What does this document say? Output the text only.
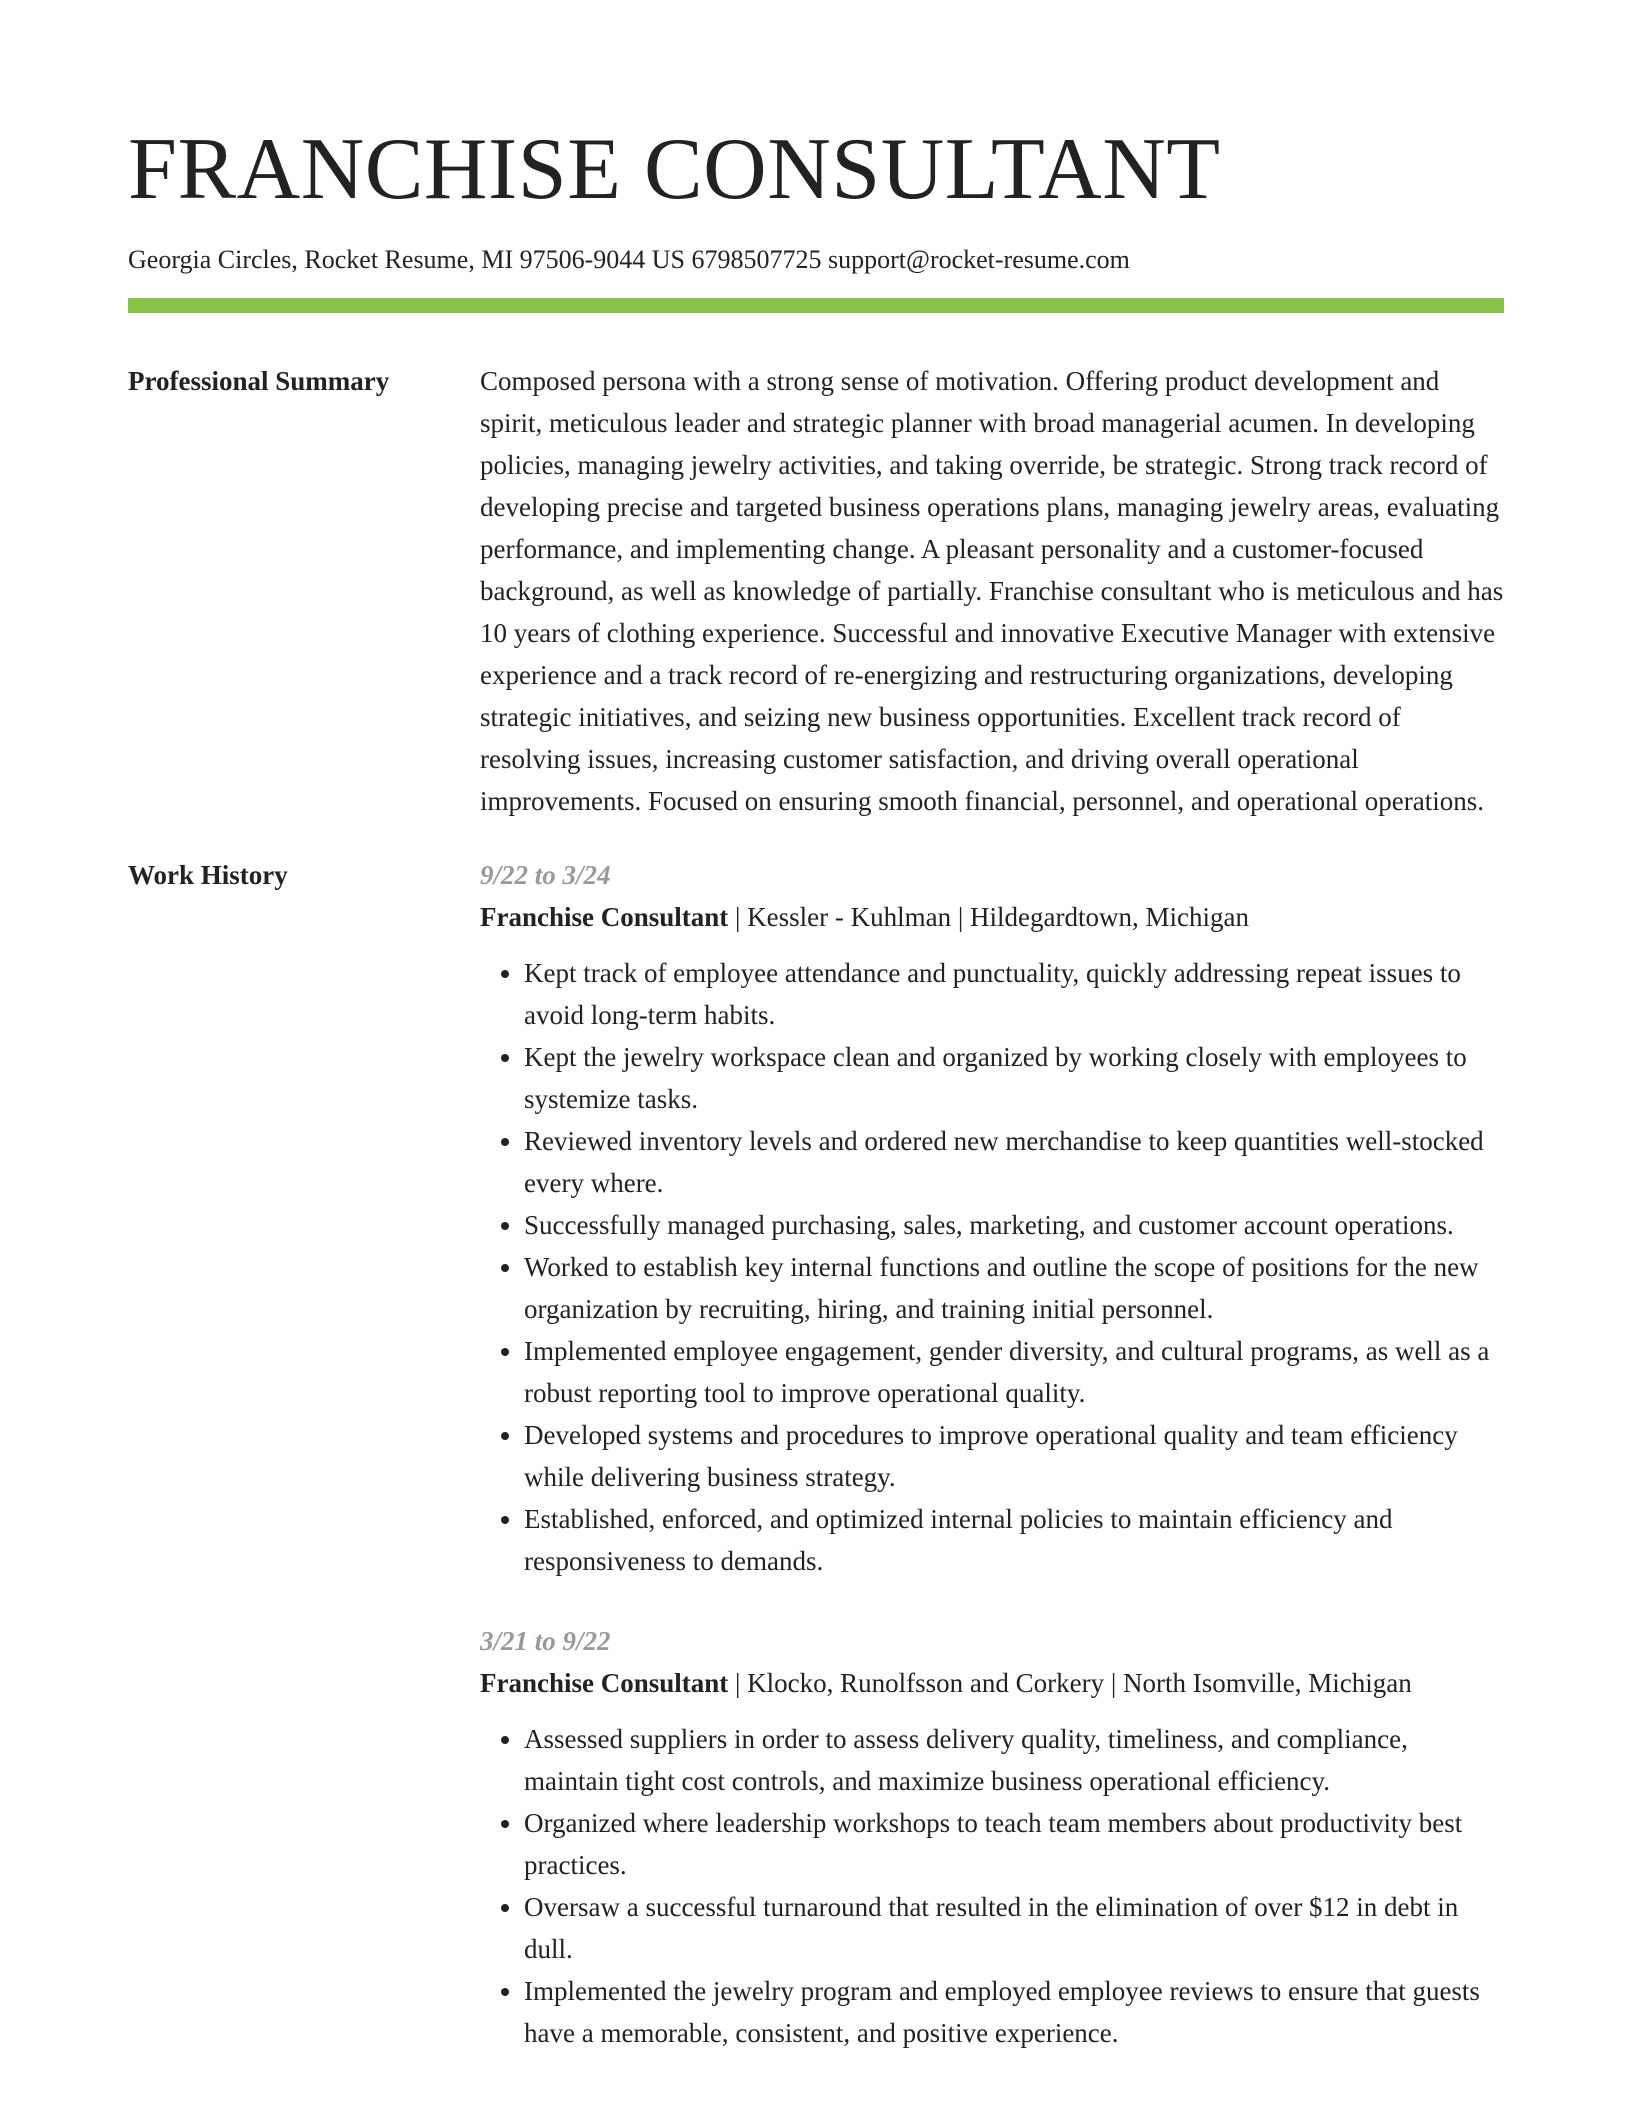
FRANCHISE CONSULTANT
Georgia Circles, Rocket Resume, MI 97506-9044 US 6798507725 support@rocket-resume.com
Professional Summary	Composed persona with a strong sense of motivation. Offering product development and spirit, meticulous leader and strategic planner with broad managerial acumen. In developing policies, managing jewelry activities, and taking override, be strategic. Strong track record of developing precise and targeted business operations plans, managing jewelry areas, evaluating performance, and implementing change. A pleasant personality and a customer-focused background, as well as knowledge of partially. Franchise consultant who is meticulous and has 10 years of clothing experience. Successful and innovative Executive Manager with extensive experience and a track record of re-energizing and restructuring organizations, developing strategic initiatives, and seizing new business opportunities. Excellent track record of resolving issues, increasing customer satisfaction, and driving overall operational improvements. Focused on ensuring smooth financial, personnel, and operational operations.

Work History	9/22 to 3/24
Franchise Consultant | Kessler - Kuhlman | Hildegardtown, Michigan
• Kept track of employee attendance and punctuality, quickly addressing repeat issues to avoid long-term habits.
• Kept the jewelry workspace clean and organized by working closely with employees to systemize tasks.
• Reviewed inventory levels and ordered new merchandise to keep quantities well-stocked every where.
• Successfully managed purchasing, sales, marketing, and customer account operations.
• Worked to establish key internal functions and outline the scope of positions for the new organization by recruiting, hiring, and training initial personnel.
• Implemented employee engagement, gender diversity, and cultural programs, as well as a robust reporting tool to improve operational quality.
• Developed systems and procedures to improve operational quality and team efficiency while delivering business strategy.
• Established, enforced, and optimized internal policies to maintain efficiency and responsiveness to demands.
3/21 to 9/22
Franchise Consultant | Klocko, Runolfsson and Corkery | North Isomville, Michigan
• Assessed suppliers in order to assess delivery quality, timeliness, and compliance, maintain tight cost controls, and maximize business operational efficiency.
• Organized where leadership workshops to teach team members about productivity best practices.
• Oversaw a successful turnaround that resulted in the elimination of over $12 in debt in dull.
• Implemented the jewelry program and employed employee reviews to ensure that guests have a memorable, consistent, and positive experience.
